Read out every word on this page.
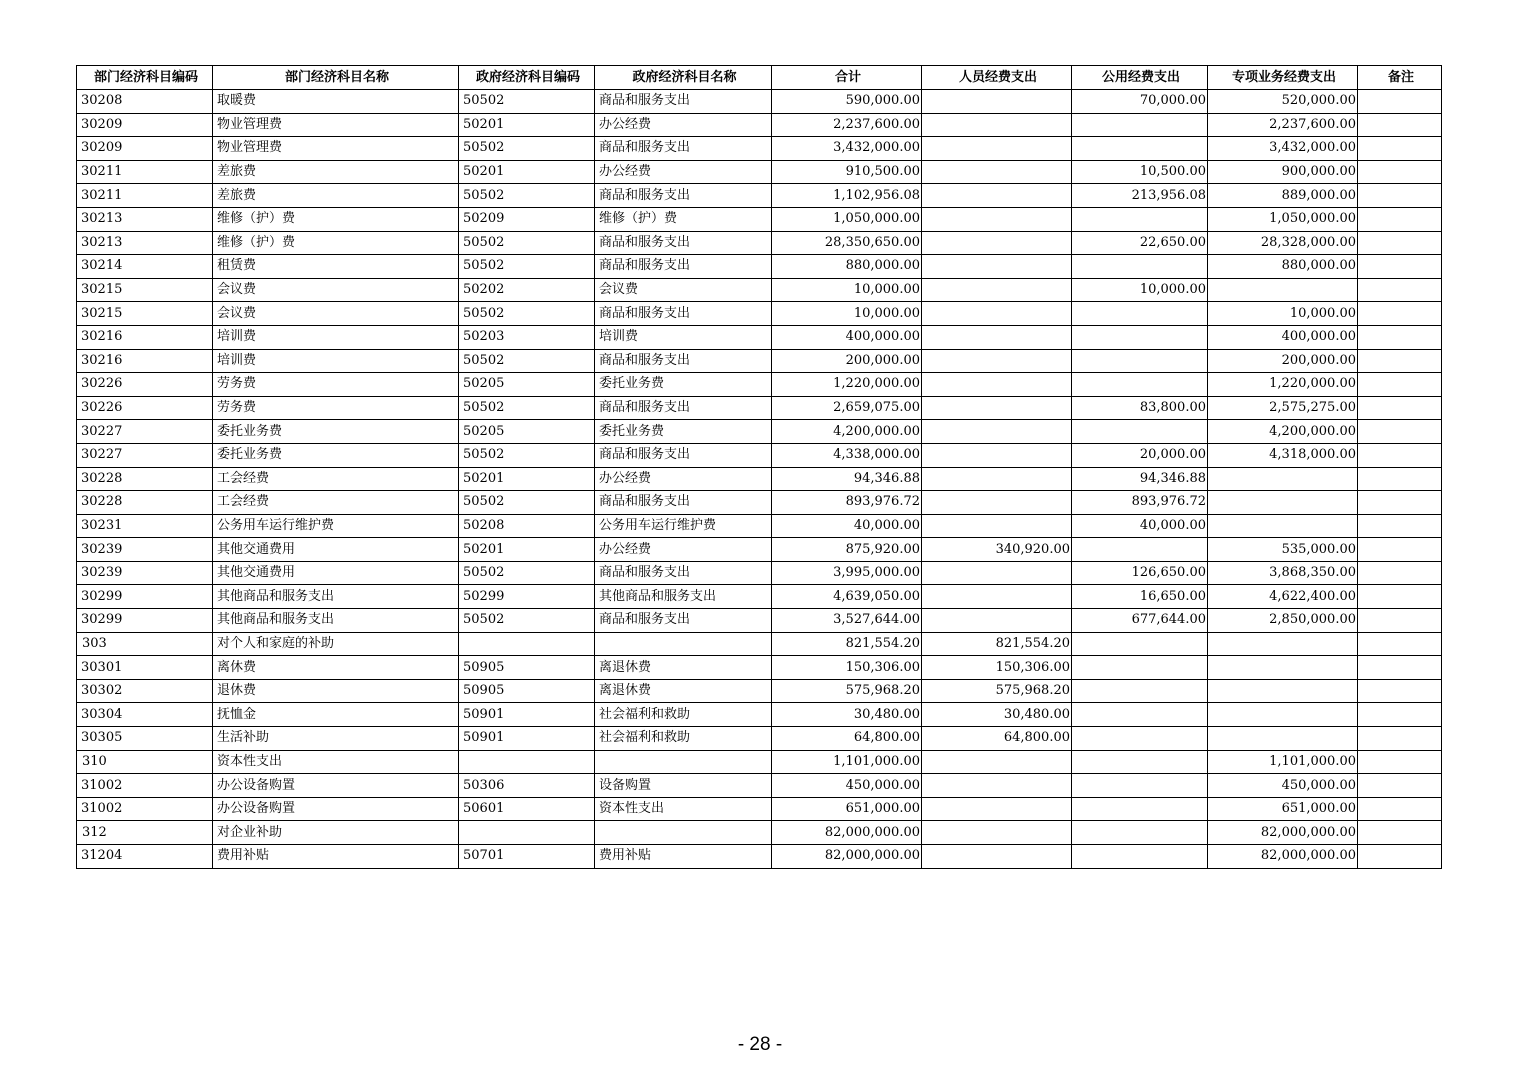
部门经济科目编码	部门经济科目名称	政府经济科目编码	政府经济科目名称	合计	人员经费支出	公用经费支出	专项业务经费支出	备注
30208	取暖费	50502	商品和服务支出	590,000.00		70,000.00	520,000.00	
30209	物业管理费	50201	办公经费	2,237,600.00			2,237,600.00	
30209	物业管理费	50502	商品和服务支出	3,432,000.00			3,432,000.00	
30211	差旅费	50201	办公经费	910,500.00		10,500.00	900,000.00	
30211	差旅费	50502	商品和服务支出	1,102,956.08		213,956.08	889,000.00	
30213	维修（护）费	50209	维修（护）费	1,050,000.00			1,050,000.00	
30213	维修（护）费	50502	商品和服务支出	28,350,650.00		22,650.00	28,328,000.00	
30214	租赁费	50502	商品和服务支出	880,000.00			880,000.00	
30215	会议费	50202	会议费	10,000.00		10,000.00		
30215	会议费	50502	商品和服务支出	10,000.00			10,000.00	
30216	培训费	50203	培训费	400,000.00			400,000.00	
30216	培训费	50502	商品和服务支出	200,000.00			200,000.00	
30226	劳务费	50205	委托业务费	1,220,000.00			1,220,000.00	
30226	劳务费	50502	商品和服务支出	2,659,075.00		83,800.00	2,575,275.00	
30227	委托业务费	50205	委托业务费	4,200,000.00			4,200,000.00	
30227	委托业务费	50502	商品和服务支出	4,338,000.00		20,000.00	4,318,000.00	
30228	工会经费	50201	办公经费	94,346.88		94,346.88		
30228	工会经费	50502	商品和服务支出	893,976.72		893,976.72		
30231	公务用车运行维护费	50208	公务用车运行维护费	40,000.00		40,000.00		
30239	其他交通费用	50201	办公经费	875,920.00	340,920.00		535,000.00	
30239	其他交通费用	50502	商品和服务支出	3,995,000.00		126,650.00	3,868,350.00	
30299	其他商品和服务支出	50299	其他商品和服务支出	4,639,050.00		16,650.00	4,622,400.00	
30299	其他商品和服务支出	50502	商品和服务支出	3,527,644.00		677,644.00	2,850,000.00	
303	对个人和家庭的补助			821,554.20	821,554.20			
30301	离休费	50905	离退休费	150,306.00	150,306.00			
30302	退休费	50905	离退休费	575,968.20	575,968.20			
30304	抚恤金	50901	社会福利和救助	30,480.00	30,480.00			
30305	生活补助	50901	社会福利和救助	64,800.00	64,800.00			
310	资本性支出			1,101,000.00			1,101,000.00	
31002	办公设备购置	50306	设备购置	450,000.00			450,000.00	
31002	办公设备购置	50601	资本性支出	651,000.00			651,000.00	
312	对企业补助			82,000,000.00			82,000,000.00	
31204	费用补贴	50701	费用补贴	82,000,000.00			82,000,000.00	
- 28 -
